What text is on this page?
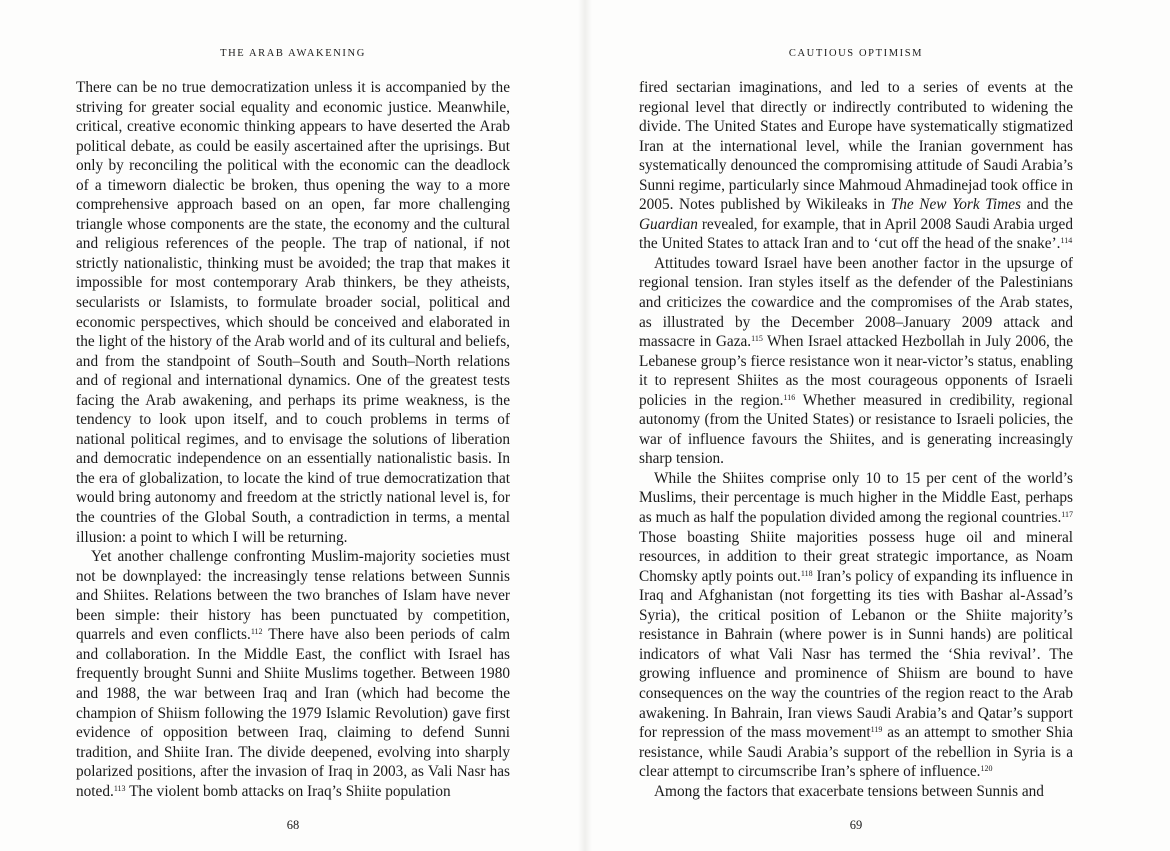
THE ARAB AWAKENING

There can be no true democratization unless it is accompanied by the striving for greater social equality and economic justice. Meanwhile, critical, creative economic thinking appears to have deserted the Arab political debate, as could be easily ascertained after the uprisings. But only by reconciling the political with the economic can the deadlock of a timeworn dialectic be broken, thus opening the way to a more comprehensive approach based on an open, far more challenging triangle whose components are the state, the economy and the cultural and religious references of the people. The trap of national, if not strictly nationalistic, thinking must be avoided; the trap that makes it impossible for most contemporary Arab thinkers, be they atheists, secularists or Islamists, to formulate broader social, political and economic perspectives, which should be conceived and elaborated in the light of the history of the Arab world and of its cultural and beliefs, and from the standpoint of South–South and South–North relations and of regional and international dynamics. One of the greatest tests facing the Arab awakening, and perhaps its prime weakness, is the tendency to look upon itself, and to couch problems in terms of national political regimes, and to envisage the solutions of liberation and democratic independence on an essentially nationalistic basis. In the era of globalization, to locate the kind of true democratization that would bring autonomy and freedom at the strictly national level is, for the countries of the Global South, a contradiction in terms, a mental illusion: a point to which I will be returning.

Yet another challenge confronting Muslim-majority societies must not be downplayed: the increasingly tense relations between Sunnis and Shiites. Relations between the two branches of Islam have never been simple: their history has been punctuated by competition, quarrels and even conflicts.$^{112}$ There have also been periods of calm and collaboration. In the Middle East, the conflict with Israel has frequently brought Sunni and Shiite Muslims together. Between 1980 and 1988, the war between Iraq and Iran (which had become the champion of Shiism following the 1979 Islamic Revolution) gave first evidence of opposition between Iraq, claiming to defend Sunni tradition, and Shiite Iran. The divide deepened, evolving into sharply polarized positions, after the invasion of Iraq in 2003, as Vali Nasr has noted.$^{113}$ The violent bomb attacks on Iraq’s Shiite population

68
CAUTIOUS OPTIMISM

fired sectarian imaginations, and led to a series of events at the regional level that directly or indirectly contributed to widening the divide. The United States and Europe have systematically stigmatized Iran at the international level, while the Iranian government has systematically denounced the compromising attitude of Saudi Arabia’s Sunni regime, particularly since Mahmoud Ahmadinejad took office in 2005. Notes published by Wikileaks in The New York Times and the Guardian revealed, for example, that in April 2008 Saudi Arabia urged the United States to attack Iran and to ‘cut off the head of the snake’.$^{114}$

Attitudes toward Israel have been another factor in the upsurge of regional tension. Iran styles itself as the defender of the Palestinians and criticizes the cowardice and the compromises of the Arab states, as illustrated by the December 2008–January 2009 attack and massacre in Gaza.$^{115}$ When Israel attacked Hezbollah in July 2006, the Lebanese group’s fierce resistance won it near-victor’s status, enabling it to represent Shiites as the most courageous opponents of Israeli policies in the region.$^{116}$ Whether measured in credibility, regional autonomy (from the United States) or resistance to Israeli policies, the war of influence favours the Shiites, and is generating increasingly sharp tension.

While the Shiites comprise only 10 to 15 per cent of the world’s Muslims, their percentage is much higher in the Middle East, perhaps as much as half the population divided among the regional countries.$^{117}$ Those boasting Shiite majorities possess huge oil and mineral resources, in addition to their great strategic importance, as Noam Chomsky aptly points out.$^{118}$ Iran’s policy of expanding its influence in Iraq and Afghanistan (not forgetting its ties with Bashar al-Assad’s Syria), the critical position of Lebanon or the Shiite majority’s resistance in Bahrain (where power is in Sunni hands) are political indicators of what Vali Nasr has termed the ‘Shia revival’. The growing influence and prominence of Shiism are bound to have consequences on the way the countries of the region react to the Arab awakening. In Bahrain, Iran views Saudi Arabia’s and Qatar’s support for repression of the mass movement$^{119}$ as an attempt to smother Shia resistance, while Saudi Arabia’s support of the rebellion in Syria is a clear attempt to circumscribe Iran’s sphere of influence.$^{120}$

Among the factors that exacerbate tensions between Sunnis and

69
